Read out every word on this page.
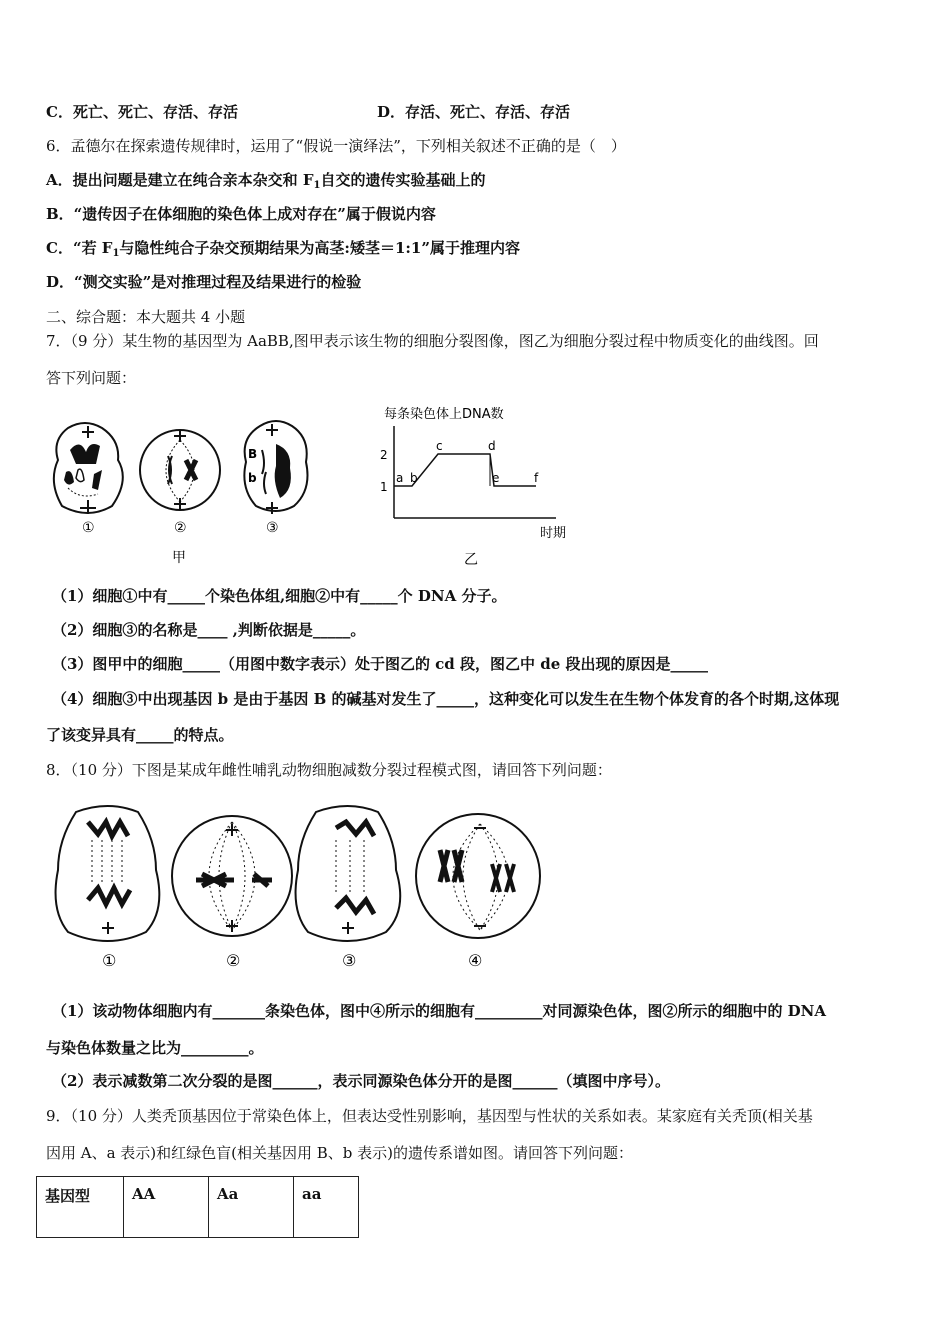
C．死亡、死亡、存活、存活	D．存活、死亡、存活、存活
6．孟德尔在探索遗传规律时，运用了“假说一演绎法”，下列相关叙述不正确的是（　）
A．提出问题是建立在纯合亲本杂交和 $F_1$自交的遗传实验基础上的
B．“遗传因子在体细胞的染色体上成对存在”属于假说内容
C．“若 $F_1$与隐性纯合子杂交预期结果为高茎:矮茎＝1:1”属于推理内容
D．“测交实验”是对推理过程及结果进行的检验
二、综合题：本大题共 4 小题
7．（9 分）某生物的基因型为 AaBB,图甲表示该生物的细胞分裂图像，图乙为细胞分裂过程中物质变化的曲线图。回
答下列问题：
①	②
B
b
③
甲
每条染色体上DNA数
时期
1
2
a b
c	d
e	f
乙
（1）细胞①中有_____个染色体组,细胞②中有_____个 DNA 分子。
（2）细胞③的名称是____ ,判断依据是_____。
（3）图甲中的细胞_____（用图中数字表示）处于图乙的 cd 段，图乙中 de 段出现的原因是_____
（4）细胞③中出现基因 b 是由于基因 B 的碱基对发生了_____，这种变化可以发生在生物个体发育的各个时期,这体现
了该变异具有_____的特点。
8．（10 分）下图是某成年雌性哺乳动物细胞减数分裂过程模式图，请回答下列问题：
①	②	③	④
（1）该动物体细胞内有_______条染色体，图中④所示的细胞有_________对同源染色体，图②所示的细胞中的 DNA
与染色体数量之比为_________。
（2）表示减数第二次分裂的是图______，表示同源染色体分开的是图______（填图中序号）。
9．（10 分）人类秃顶基因位于常染色体上，但表达受性别影响，基因型与性状的关系如表。某家庭有关秃顶(相关基
因用 A、a 表示)和红绿色盲(相关基因用 B、b 表示)的遗传系谱如图。请回答下列问题：
基因型	AA	Aa	aa
